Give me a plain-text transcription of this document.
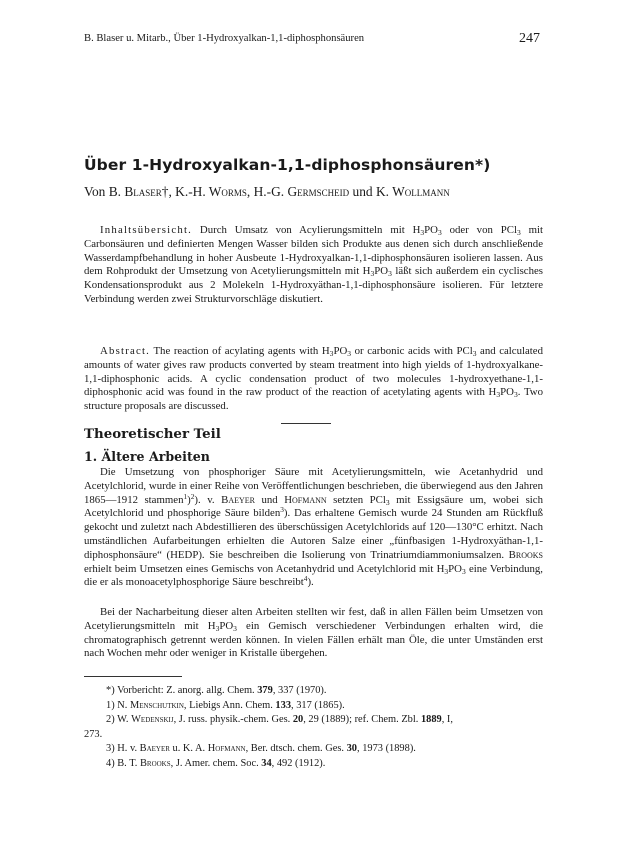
B. Blaser u. Mitarb., Über 1-Hydroxyalkan-1,1-diphosphonsäuren	247
Über 1-Hydroxyalkan-1,1-diphosphonsäuren*)
Von B. Blaser†, K.-H. Worms, H.-G. Germscheid und K. Wollmann

Inhaltsübersicht. Durch Umsatz von Acylierungsmitteln mit $H_3PO_3$ oder von PCl$_3$ mit Carbonsäuren und definierten Mengen Wasser bilden sich Produkte aus denen sich durch anschließende Wasserdampfbehandlung in hoher Ausbeute 1-Hydroxyalkan-1,1-diphosphonsäuren isolieren lassen. Aus dem Rohprodukt der Umsetzung von Acetylierungsmitteln mit $H_3PO_3$ läßt sich außerdem ein cyclisches Kondensationsprodukt aus 2 Molekeln 1-Hydroxyäthan-1,1-diphosphonsäure isolieren. Für letztere Verbindung werden zwei Strukturvorschläge diskutiert.

Abstract. The reaction of acylating agents with $H_3PO_3$ or carbonic acids with PCl$_3$ and calculated amounts of water gives raw products converted by steam treatment into high yields of 1-hydroxyalkane-1,1-diphosphonic acids. A cyclic condensation product of two molecules 1-hydroxyethane-1,1-diphosphonic acid was found in the raw product of the reaction of acetylating agents with $H_3PO_3$. Two structure proposals are discussed.

Theoretischer Teil
1. Ältere Arbeiten

Die Umsetzung von phosphoriger Säure mit Acetylierungsmitteln, wie Acetanhydrid und Acetylchlorid, wurde in einer Reihe von Veröffentlichungen beschrieben, die überwiegend aus den Jahren 1865—1912 stammen$^1$)$^2$). v. Baeyer und Hofmann setzten PCl$_3$ mit Essigsäure um, wobei sich Acetylchlorid und phosphorige Säure bilden$^3$). Das erhaltene Gemisch wurde 24 Stunden am Rückfluß gekocht und zuletzt nach Abdestillieren des überschüssigen Acetylchlorids auf 120—130°C erhitzt. Nach umständlichen Aufarbeitungen erhielten die Autoren Salze einer „fünfbasigen 1-Hydroxyäthan-1,1-diphosphonsäure“ (HEDP). Sie beschreiben die Isolierung von Trinatriumdiammoniumsalzen. Brooks erhielt beim Umsetzen eines Gemischs von Acetanhydrid und Acetylchlorid mit $H_3PO_3$ eine Verbindung, die er als monoacetylphosphorige Säure beschreibt$^4$).

Bei der Nacharbeitung dieser alten Arbeiten stellten wir fest, daß in allen Fällen beim Umsetzen von Acetylierungsmitteln mit $H_3PO_3$ ein Gemisch verschiedener Verbindungen erhalten wird, die chromatographisch getrennt werden können. In vielen Fällen erhält man Öle, die unter Umständen erst nach Wochen mehr oder weniger in Kristalle übergehen.

*) Vorbericht: Z. anorg. allg. Chem. 379, 337 (1970).
1) N. Menschutkin, Liebigs Ann. Chem. 133, 317 (1865).
2) W. Wedenskij, J. russ. physik.-chem. Ges. 20, 29 (1889); ref. Chem. Zbl. 1889, I,
273.
3) H. v. Baeyer u. K. A. Hofmann, Ber. dtsch. chem. Ges. 30, 1973 (1898).
4) B. T. Brooks, J. Amer. chem. Soc. 34, 492 (1912).
